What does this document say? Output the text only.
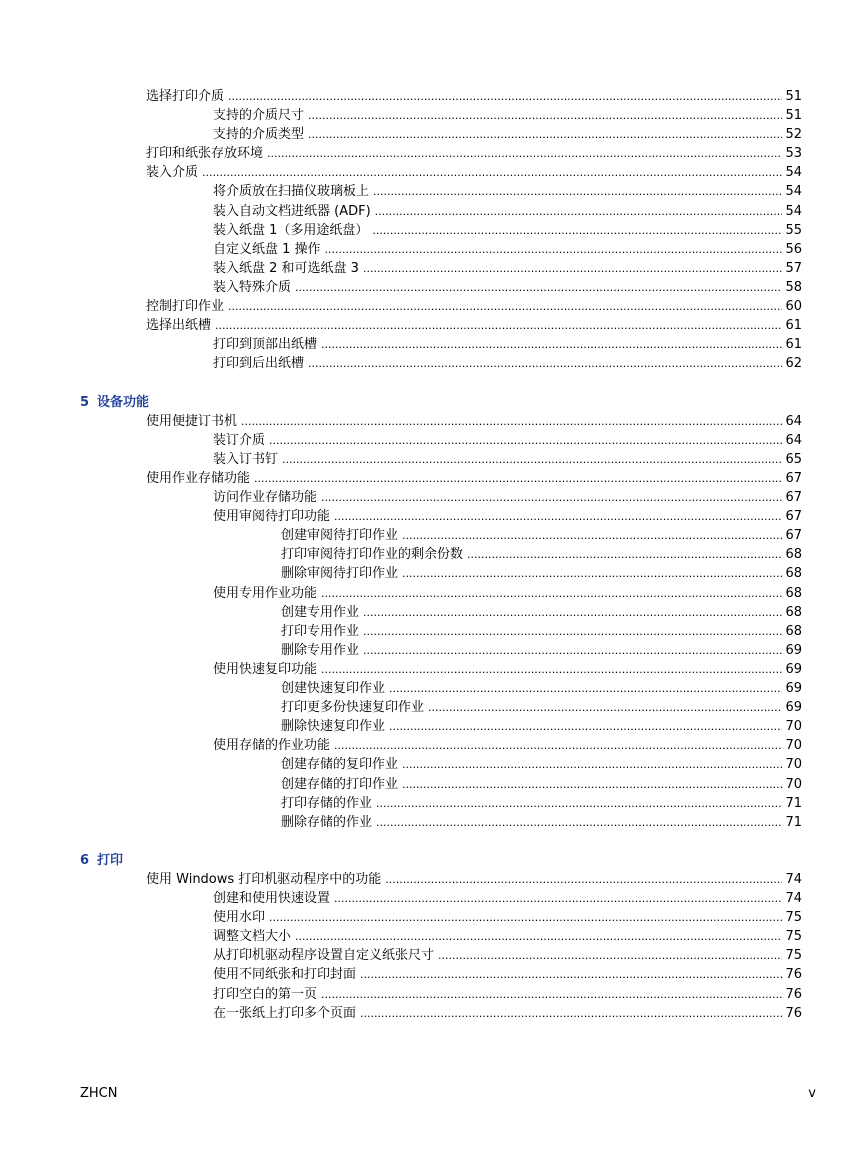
选择打印介质 .....	51
支持的介质尺寸 .....	51
支持的介质类型 .....	52
打印和纸张存放环境 .....	53
装入介质 .....	54
将介质放在扫描仪玻璃板上 .....	54
装入自动文档进纸器 (ADF) .....	54
装入纸盘 1（多用途纸盘） .....	55
自定义纸盘 1 操作 .....	56
装入纸盘 2 和可选纸盘 3 .....	57
装入特殊介质 .....	58
控制打印作业 .....	60
选择出纸槽 .....	61
打印到顶部出纸槽 .....	61
打印到后出纸槽 .....	62
5 设备功能
使用便捷订书机 .....	64
装订介质 .....	64
装入订书钉 .....	65
使用作业存储功能 .....	67
访问作业存储功能 .....	67
使用审阅待打印功能 .....	67
创建审阅待打印作业 .....	67
打印审阅待打印作业的剩余份数 .....	68
删除审阅待打印作业 .....	68
使用专用作业功能 .....	68
创建专用作业 .....	68
打印专用作业 .....	68
删除专用作业 .....	69
使用快速复印功能 .....	69
创建快速复印作业 .....	69
打印更多份快速复印作业 .....	69
删除快速复印作业 .....	70
使用存储的作业功能 .....	70
创建存储的复印作业 .....	70
创建存储的打印作业 .....	70
打印存储的作业 .....	71
删除存储的作业 .....	71
6 打印
使用 Windows 打印机驱动程序中的功能 .....	74
创建和使用快速设置 .....	74
使用水印 .....	75
调整文档大小 .....	75
从打印机驱动程序设置自定义纸张尺寸 .....	75
使用不同纸张和打印封面 .....	76
打印空白的第一页 .....	76
在一张纸上打印多个页面 .....	76
ZHCN	v
